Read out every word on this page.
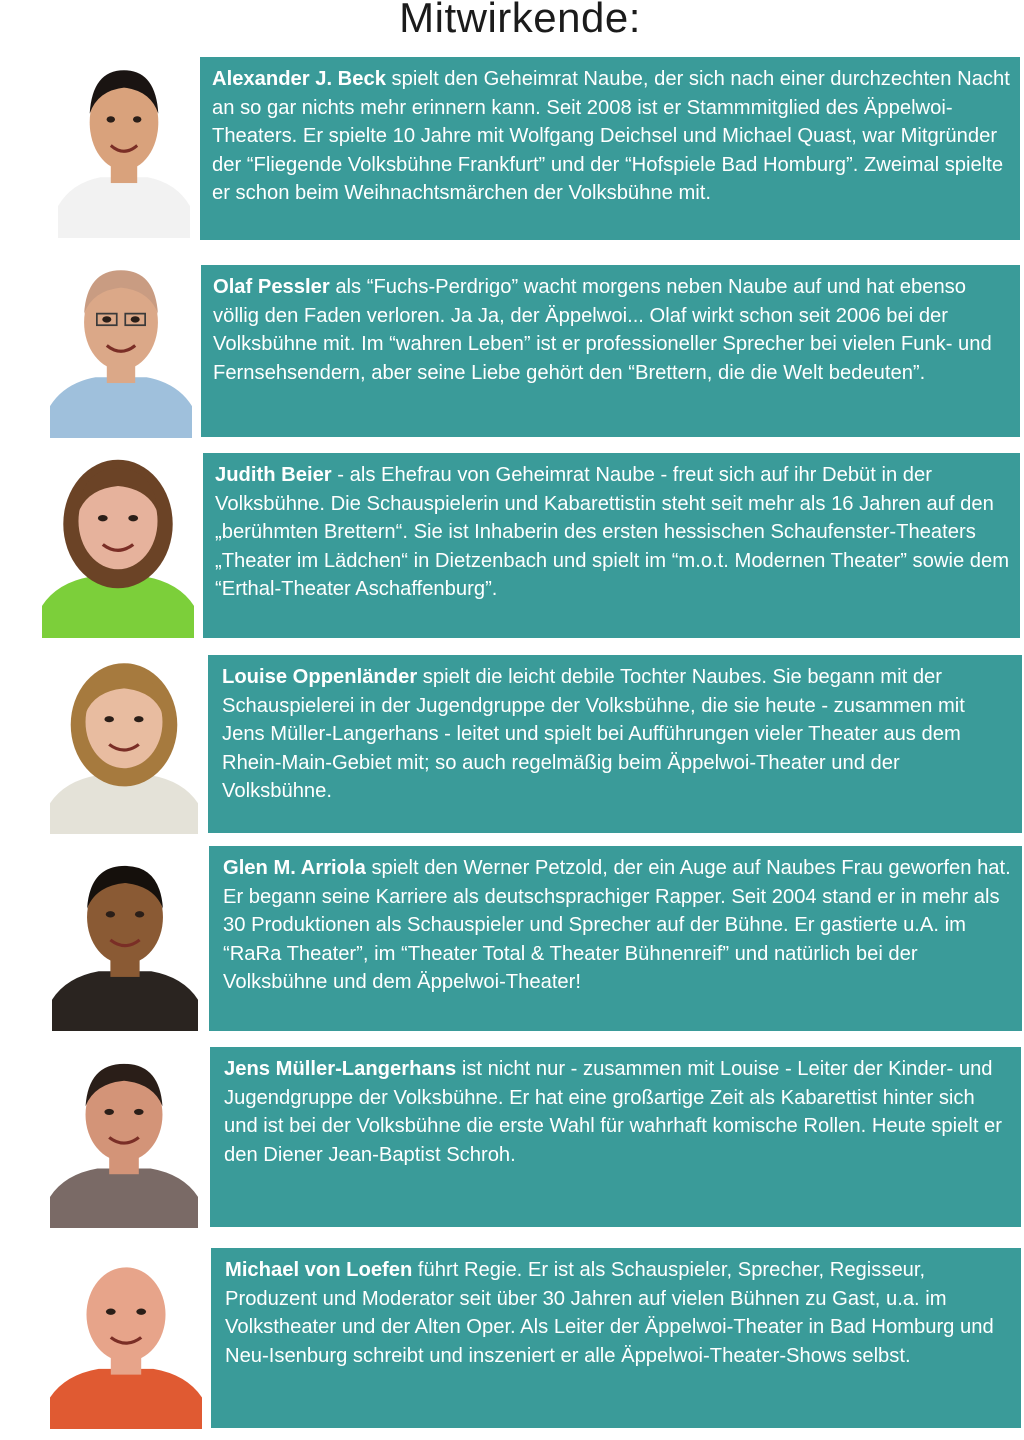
Mitwirkende:

Alexander J. Beck spielt den Geheimrat Naube, der sich nach einer durchzechten Nacht an so gar nichts mehr erinnern kann. Seit 2008 ist er Stammmitglied des Äppelwoi-Theaters. Er spielte 10 Jahre mit Wolfgang Deichsel und Michael Quast, war Mitgründer der “Fliegende Volksbühne Frankfurt” und der “Hofspiele Bad Homburg”. Zweimal spielte er schon beim Weihnachtsmärchen der Volksbühne mit.

Olaf Pessler als “Fuchs-Perdrigo” wacht morgens neben Naube auf und hat ebenso völlig den Faden verloren. Ja Ja, der Äppelwoi... Olaf wirkt schon seit 2006 bei der Volksbühne mit. Im “wahren Leben” ist er professioneller Sprecher bei vielen Funk- und Fernsehsendern, aber seine Liebe gehört den “Brettern, die die Welt bedeuten”.

Judith Beier - als Ehefrau von Geheimrat Naube - freut sich auf ihr Debüt in der Volksbühne. Die Schauspielerin und Kabarettistin steht seit mehr als 16 Jahren auf den „berühmten Brettern“. Sie ist Inhaberin des ersten hessischen Schaufenster-Theaters „Theater im Lädchen“ in Dietzenbach und spielt im “m.o.t. Modernen Theater” sowie dem “Erthal-Theater Aschaffenburg”.

Louise Oppenländer spielt die leicht debile Tochter Naubes. Sie begann mit der Schauspielerei in der Jugendgruppe der Volksbühne, die sie heute - zusammen mit Jens Müller-Langerhans - leitet und spielt bei Aufführungen vieler Theater aus dem Rhein-Main-Gebiet mit; so auch regelmäßig beim Äppelwoi-Theater und der Volksbühne.

Glen M. Arriola spielt den Werner Petzold, der ein Auge auf Naubes Frau geworfen hat. Er begann seine Karriere als deutschsprachiger Rapper. Seit 2004 stand er in mehr als 30 Produktionen als Schauspieler und Sprecher auf der Bühne. Er gastierte u.A. im “RaRa Theater”, im “Theater Total & Theater Bühnenreif” und natürlich bei der Volksbühne und dem Äppelwoi-Theater!

Jens Müller-Langerhans ist nicht nur - zusammen mit Louise - Leiter der Kinder- und Jugendgruppe der Volksbühne. Er hat eine großartige Zeit als Kabarettist hinter sich und ist bei der Volksbühne die erste Wahl für wahrhaft komische Rollen. Heute spielt er den Diener Jean-Baptist Schroh.

Michael von Loefen führt Regie. Er ist als Schauspieler, Sprecher, Regisseur, Produzent und Moderator seit über 30 Jahren auf vielen Bühnen zu Gast, u.a. im Volkstheater und der Alten Oper. Als Leiter der Äppelwoi-Theater in Bad Homburg und Neu-Isenburg schreibt und inszeniert er alle Äppelwoi-Theater-Shows selbst.
